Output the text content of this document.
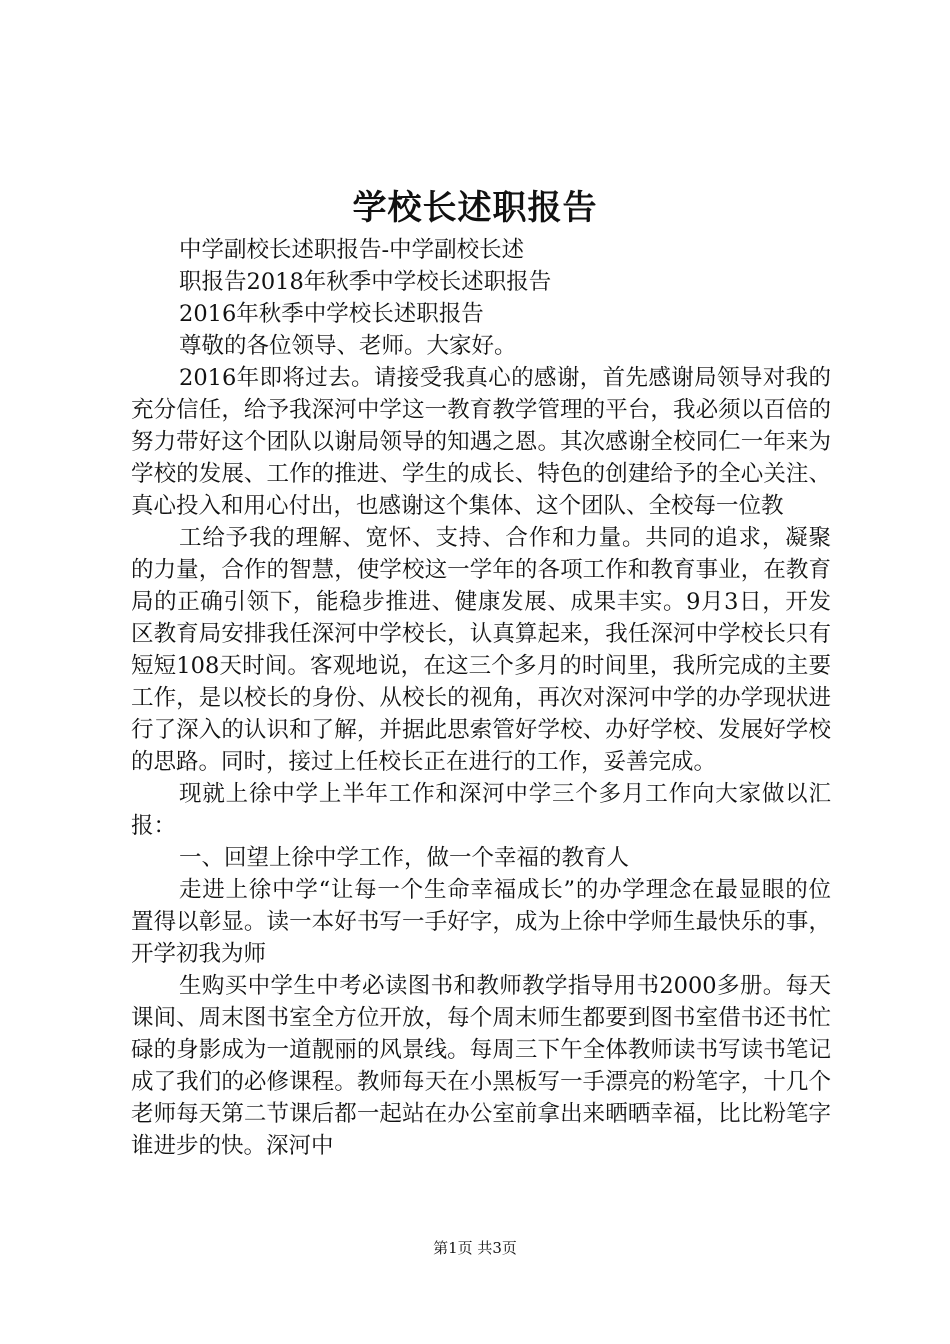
学校长述职报告

中学副校长述职报告-中学副校长述

职报告2018年秋季中学校长述职报告

2016年秋季中学校长述职报告

尊敬的各位领导、老师。大家好。

2016年即将过去。请接受我真心的感谢，首先感谢局领导对我的充分信任，给予我深河中学这一教育教学管理的平台，我必须以百倍的努力带好这个团队以谢局领导的知遇之恩。其次感谢全校同仁一年来为学校的发展、工作的推进、学生的成长、特色的创建给予的全心关注、真心投入和用心付出，也感谢这个集体、这个团队、全校每一位教

工给予我的理解、宽怀、支持、合作和力量。共同的追求，凝聚的力量，合作的智慧，使学校这一学年的各项工作和教育事业，在教育局的正确引领下，能稳步推进、健康发展、成果丰实。9月3日，开发区教育局安排我任深河中学校长，认真算起来，我任深河中学校长只有短短108天时间。客观地说，在这三个多月的时间里，我所完成的主要工作，是以校长的身份、从校长的视角，再次对深河中学的办学现状进行了深入的认识和了解，并据此思索管好学校、办好学校、发展好学校的思路。同时，接过上任校长正在进行的工作，妥善完成。

现就上徐中学上半年工作和深河中学三个多月工作向大家做以汇报：

一、回望上徐中学工作，做一个幸福的教育人

走进上徐中学“让每一个生命幸福成长”的办学理念在最显眼的位置得以彰显。读一本好书写一手好字，成为上徐中学师生最快乐的事，开学初我为师

生购买中学生中考必读图书和教师教学指导用书2000多册。每天课间、周末图书室全方位开放，每个周末师生都要到图书室借书还书忙碌的身影成为一道靓丽的风景线。每周三下午全体教师读书写读书笔记成了我们的必修课程。教师每天在小黑板写一手漂亮的粉笔字，十几个老师每天第二节课后都一起站在办公室前拿出来晒晒幸福，比比粉笔字谁进步的快。深河中

第1页 共3页
